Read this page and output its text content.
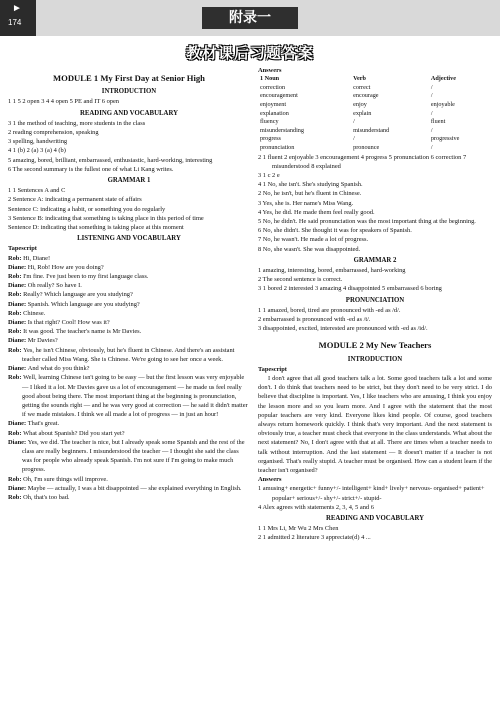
►
174	附录一
教材课后习题答案
MODULE 1 My First Day at Senior High
INTRODUCTION
1 1 5 2 open 3 4 4 open 5 PE and IT 6 open
READING AND VOCABULARY
3 1 the method of teaching, more students in the class
2 reading comprehension, speaking
3 spelling, handwriting
4 1 (b) 2 (a) 3 (a) 4 (b)
5 amazing, bored, brilliant, embarrassed, enthusiastic, hard-working, interesting
6 The second summary is the fullest one of what Li Kang writes.
GRAMMAR 1
1 1 Sentences A and C
2 Sentence A: indicating a permanent state of affairs
Sentence C: indicating a habit, or something you do regularly
3 Sentence B: indicating that something is taking place in this period of time
Sentence D: indicating that something is taking place at this moment
LISTENING AND VOCABULARY
Tapescript
Rob: Hi, Diane!
Diane: Hi, Rob! How are you doing?
Rob: I'm fine. I've just been to my first language class.
Diane: Oh really? So have I.
Rob: Really? Which language are you studying?
Diane: Spanish. Which language are you studying?
Rob: Chinese.
Diane: Is that right? Cool! How was it?
Rob: It was good. The teacher's name is Mr Davies.
Diane: Mr Davies?
Rob: Yes, he isn't Chinese, obviously, but he's fluent in Chinese. And there's an assistant teacher called Miss Wang. She is Chinese. We're going to see her once a week.
Diane: And what do you think?
Rob: Well, learning Chinese isn't going to be easy — but the first lesson was very enjoyable — I liked it a lot. Mr Davies gave us a lot of encouragement — he made us feel really good about being there. The most important thing at the beginning is pronunciation, getting the sounds right — and he was very good at correction — he said it didn't matter if we made mistakes. I think we all made a lot of progress — in just an hour!
Diane: That's great.
Rob: What about Spanish? Did you start yet?
Diane: Yes, we did. The teacher is nice, but I already speak some Spanish and the rest of the class are really beginners. I misunderstood the teacher — I thought she said the class was for people who already speak Spanish. I'm not sure if I'm going to make much progress.
Rob: Oh, I'm sure things will improve.
Diane: Maybe — actually, I was a bit disappointed — she explained everything in English.
Rob: Oh, that's too bad.
Answers
1 Noun	Verb	Adjective
correction	correct	/
encouragement	encourage	/
enjoyment	enjoy	enjoyable
explanation	explain	/
fluency	/	fluent
misunderstanding	misunderstand	/
progress	/	progressive
pronunciation	pronounce	/
2 1 fluent 2 enjoyable 3 encouragement 4 progress 5 pronunciation 6 correction 7 misunderstood 8 explained
3 1 c 2 e
4 1 No, she isn't. She's studying Spanish.
2 No, he isn't, but he's fluent in Chinese.
3 Yes, she is. Her name's Miss Wang.
4 Yes, he did. He made them feel really good.
5 No, he didn't. He said pronunciation was the most important thing at the beginning.
6 No, she didn't. She thought it was for speakers of Spanish.
7 No, he wasn't. He made a lot of progress.
8 No, she wasn't. She was disappointed.
GRAMMAR 2
1 amazing, interesting, bored, embarrassed, hard-working
2 The second sentence is correct.
3 1 bored 2 interested 3 amazing 4 disappointed 5 embarrassed 6 boring
PRONUNCIATION
1 1 amazed, bored, tired are pronounced with -ed as /d/.
2 embarrassed is pronounced with -ed as /t/.
3 disappointed, excited, interested are pronounced with -ed as /id/.
MODULE 2 My New Teachers
INTRODUCTION
Tapescript
I don't agree that all good teachers talk a lot. Some good teachers talk a lot and some don't. I do think that teachers need to be strict, but they don't need to be very strict. I do believe that discipline is important. Yes, I like teachers who are amusing, I think you enjoy the lesson more and so you learn more. And I agree with the statement that the most popular teachers are very kind. Everyone likes kind people. Of course, good teachers always return homework quickly. I think that's very important. And the next statement is obviously true, a teacher must check that everyone in the class understands. What about the next statement? No, I don't agree with that at all. There are times when a teacher needs to talk without interruption. And the last statement — It doesn't matter if a teacher is not organised. That's really stupid. A teacher must be organised. How can a student learn if the teacher isn't organised?
Answers
1 amusing+ energetic+ funny+/- intelligent+ kind+ lively+ nervous- organised+ patient+ popular+ serious+/- shy+/- strict+/- stupid-
4 Alex agrees with statements 2, 3, 4, 5 and 6
READING AND VOCABULARY
1 1 Mrs Li, Mr Wu 2 Mrs Chen
2 1 admitted 2 literature 3 appreciate(d) 4 ...
